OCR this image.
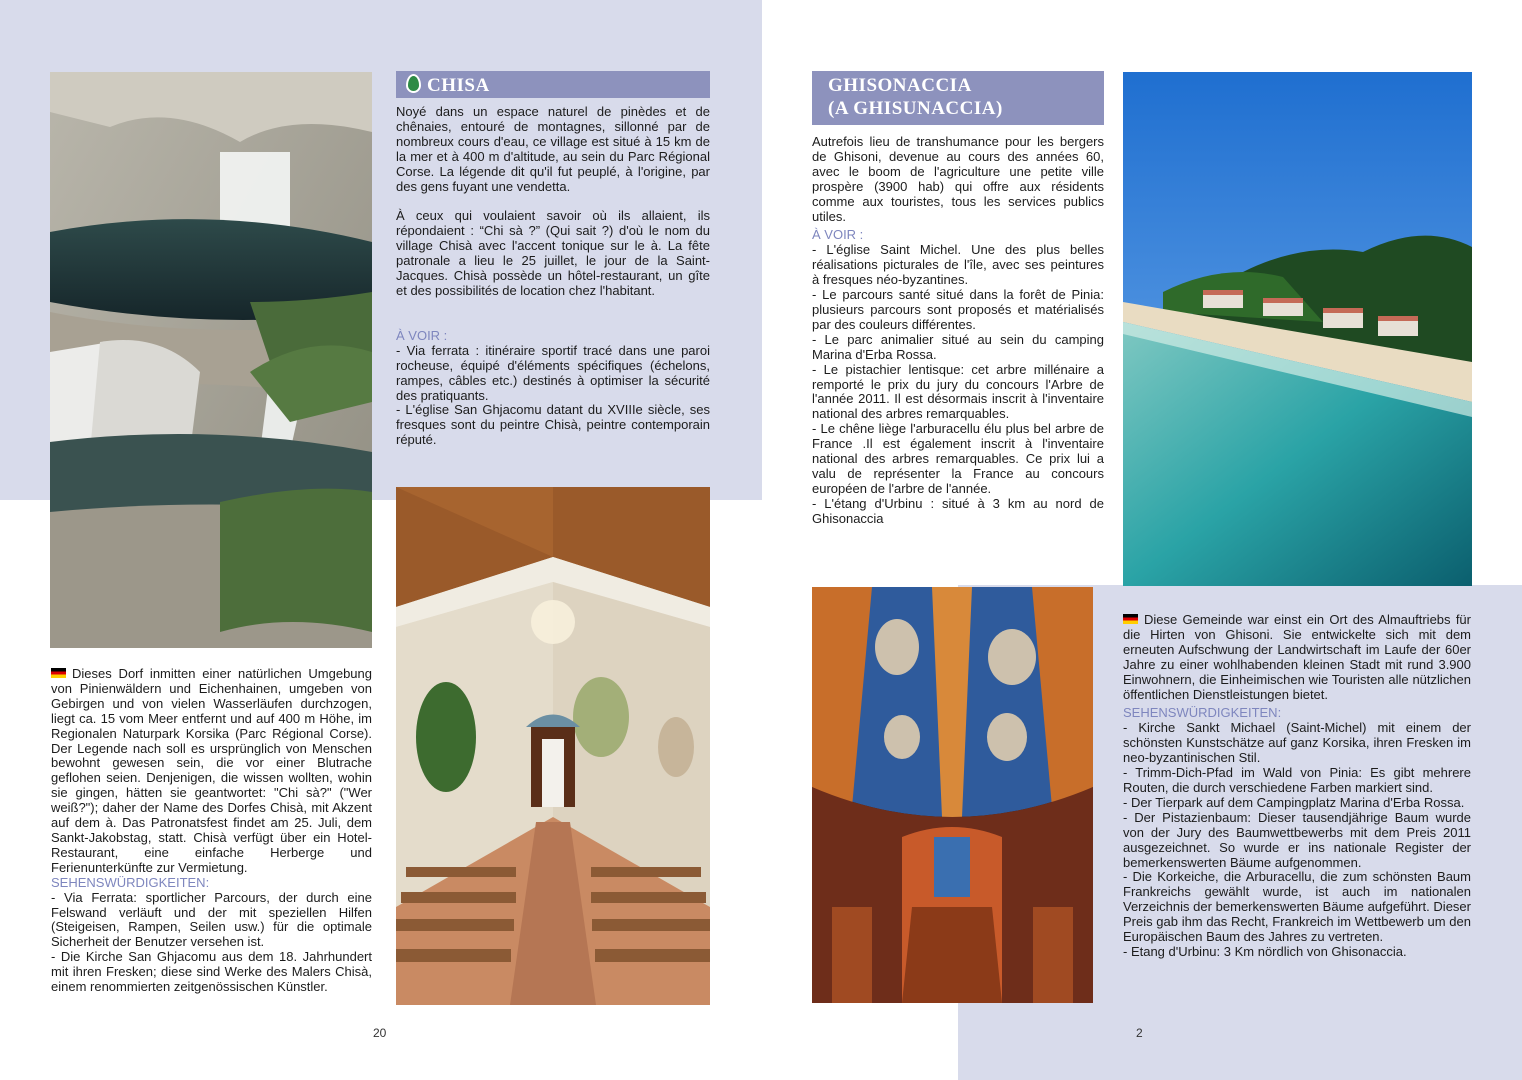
CHISA

Noyé dans un espace naturel de pinèdes et de chênaies, entouré de montagnes, sillonné par de nombreux cours d'eau, ce village est situé à 15 km de la mer et à 400 m d'altitude, au sein du Parc Régional Corse. La légende dit qu'il fut peuplé, à l'origine, par des gens fuyant une vendetta.

À ceux qui voulaient savoir où ils allaient, ils répondaient : “Chi sà ?” (Qui sait ?) d'où le nom du village Chisà avec l'accent tonique sur le à. La fête patronale a lieu le 25 juillet, le jour de la Saint-Jacques. Chisà possède un hôtel-restaurant, un gîte et des possibilités de location chez l'habitant.

À VOIR :

- Via ferrata : itinéraire sportif tracé dans une paroi rocheuse, équipé d'éléments spécifiques (échelons, rampes, câbles etc.) destinés à optimiser la sécurité des pratiquants.

- L'église San Ghjacomu datant du XVIIIe siècle, ses fresques sont du peintre Chisà, peintre contemporain réputé.

Dieses Dorf inmitten einer natürlichen Umgebung von Pinienwäldern und Eichenhainen, umgeben von Gebirgen und von vielen Wasserläufen durchzogen, liegt ca. 15 vom Meer entfernt und auf 400 m Höhe, im Regionalen Naturpark Korsika (Parc Régional Corse). Der Legende nach soll es ursprünglich von Menschen bewohnt gewesen sein, die vor einer Blutrache geflohen seien. Denjenigen, die wissen wollten, wohin sie gingen, hätten sie geantwortet: "Chi sà?" ("Wer weiß?"); daher der Name des Dorfes Chisà, mit Akzent auf dem à. Das Patronatsfest findet am 25. Juli, dem Sankt-Jakobstag, statt. Chisà verfügt über ein Hotel-Restaurant, eine einfache Herberge und Ferienunterkünfte zur Vermietung.

SEHENSWÜRDIGKEITEN:

- Via Ferrata: sportlicher Parcours, der durch eine Felswand verläuft und der mit speziellen Hilfen (Steigeisen, Rampen, Seilen usw.) für die optimale Sicherheit der Benutzer versehen ist.

- Die Kirche San Ghjacomu aus dem 18. Jahrhundert mit ihren Fresken; diese sind Werke des Malers Chisà, einem renommierten zeitgenössischen Künstler.

20
GHISONACCIA
(A GHISUNACCIA)

Autrefois lieu de transhumance pour les bergers de Ghisoni, devenue au cours des années 60, avec le boom de l'agriculture une petite ville prospère (3900 hab) qui offre aux résidents comme aux touristes, tous les services publics utiles.

À VOIR :

- L'église Saint Michel. Une des plus belles réalisations picturales de l'île, avec ses peintures à fresques néo-byzantines.

- Le parcours santé situé dans la forêt de Pinia: plusieurs parcours sont proposés et matérialisés par des couleurs différentes.

- Le parc animalier situé au sein du camping Marina d'Erba Rossa.

- Le pistachier lentisque: cet arbre millénaire a remporté le prix du jury du concours l'Arbre de l'année 2011. Il est désormais inscrit à l'inventaire national des arbres remarquables.

- Le chêne liège l'arburacellu élu plus bel arbre de France .Il est également inscrit à l'inventaire national des arbres remarquables. Ce prix lui a valu de représenter la France au concours européen de l'arbre de l'année.

- L'étang d'Urbinu : situé à 3 km au nord de Ghisonaccia

Diese Gemeinde war einst ein Ort des Almauftriebs für die Hirten von Ghisoni. Sie entwickelte sich mit dem erneuten Aufschwung der Landwirtschaft im Laufe der 60er Jahre zu einer wohlhabenden kleinen Stadt mit rund 3.900 Einwohnern, die Einheimischen wie Touristen alle nützlichen öffentlichen Dienstleistungen bietet.

SEHENSWÜRDIGKEITEN:

- Kirche Sankt Michael (Saint-Michel) mit einem der schönsten Kunstschätze auf ganz Korsika, ihren Fresken im neo-byzantinischen Stil.

- Trimm-Dich-Pfad im Wald von Pinia: Es gibt mehrere Routen, die durch verschiedene Farben markiert sind.

- Der Tierpark auf dem Campingplatz Marina d'Erba Rossa.

- Der Pistazienbaum: Dieser tausendjährige Baum wurde von der Jury des Baumwettbewerbs mit dem Preis 2011 ausgezeichnet. So wurde er ins nationale Register der bemerkenswerten Bäume aufgenommen.

- Die Korkeiche, die Arburacellu, die zum schönsten Baum Frankreichs gewählt wurde, ist auch im nationalen Verzeichnis der bemerkenswerten Bäume aufgeführt. Dieser Preis gab ihm das Recht, Frankreich im Wettbewerb um den Europäischen Baum des Jahres zu vertreten.

- Etang d'Urbinu: 3 Km nördlich von Ghisonaccia.

2
